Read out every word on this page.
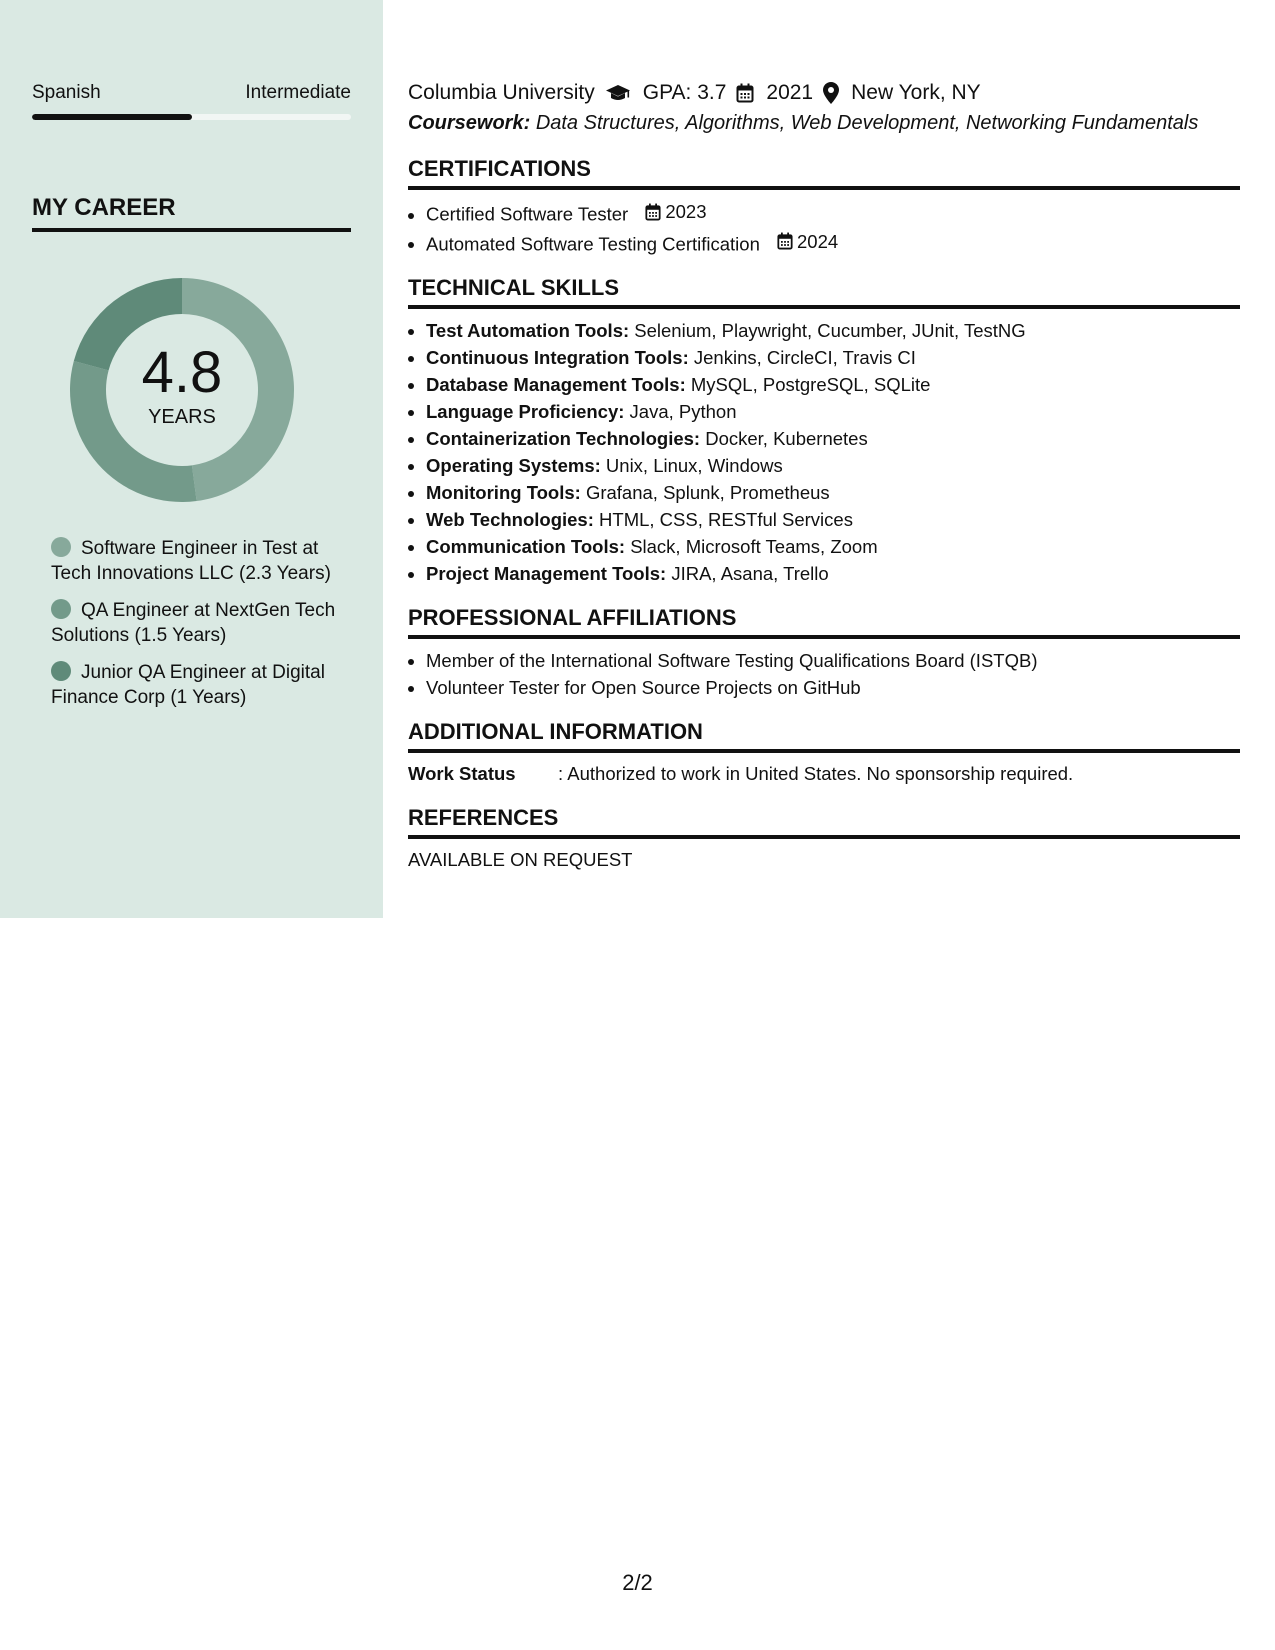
Spanish	Intermediate
MY CAREER
4.8
YEARS
Software Engineer in Test at Tech Innovations LLC (2.3 Years)
QA Engineer at NextGen Tech Solutions (1.5 Years)
Junior QA Engineer at Digital Finance Corp (1 Years)
Columbia University GPA: 3.7 2021 New York, NY
Coursework: Data Structures, Algorithms, Web Development, Networking Fundamentals
CERTIFICATIONS
• Certified Software Tester 2023
• Automated Software Testing Certification 2024
TECHNICAL SKILLS
• Test Automation Tools: Selenium, Playwright, Cucumber, JUnit, TestNG
• Continuous Integration Tools: Jenkins, CircleCI, Travis CI
• Database Management Tools: MySQL, PostgreSQL, SQLite
• Language Proficiency: Java, Python
• Containerization Technologies: Docker, Kubernetes
• Operating Systems: Unix, Linux, Windows
• Monitoring Tools: Grafana, Splunk, Prometheus
• Web Technologies: HTML, CSS, RESTful Services
• Communication Tools: Slack, Microsoft Teams, Zoom
• Project Management Tools: JIRA, Asana, Trello
PROFESSIONAL AFFILIATIONS
• Member of the International Software Testing Qualifications Board (ISTQB)
• Volunteer Tester for Open Source Projects on GitHub
ADDITIONAL INFORMATION
Work Status	: Authorized to work in United States. No sponsorship required.
REFERENCES
AVAILABLE ON REQUEST
2/2
